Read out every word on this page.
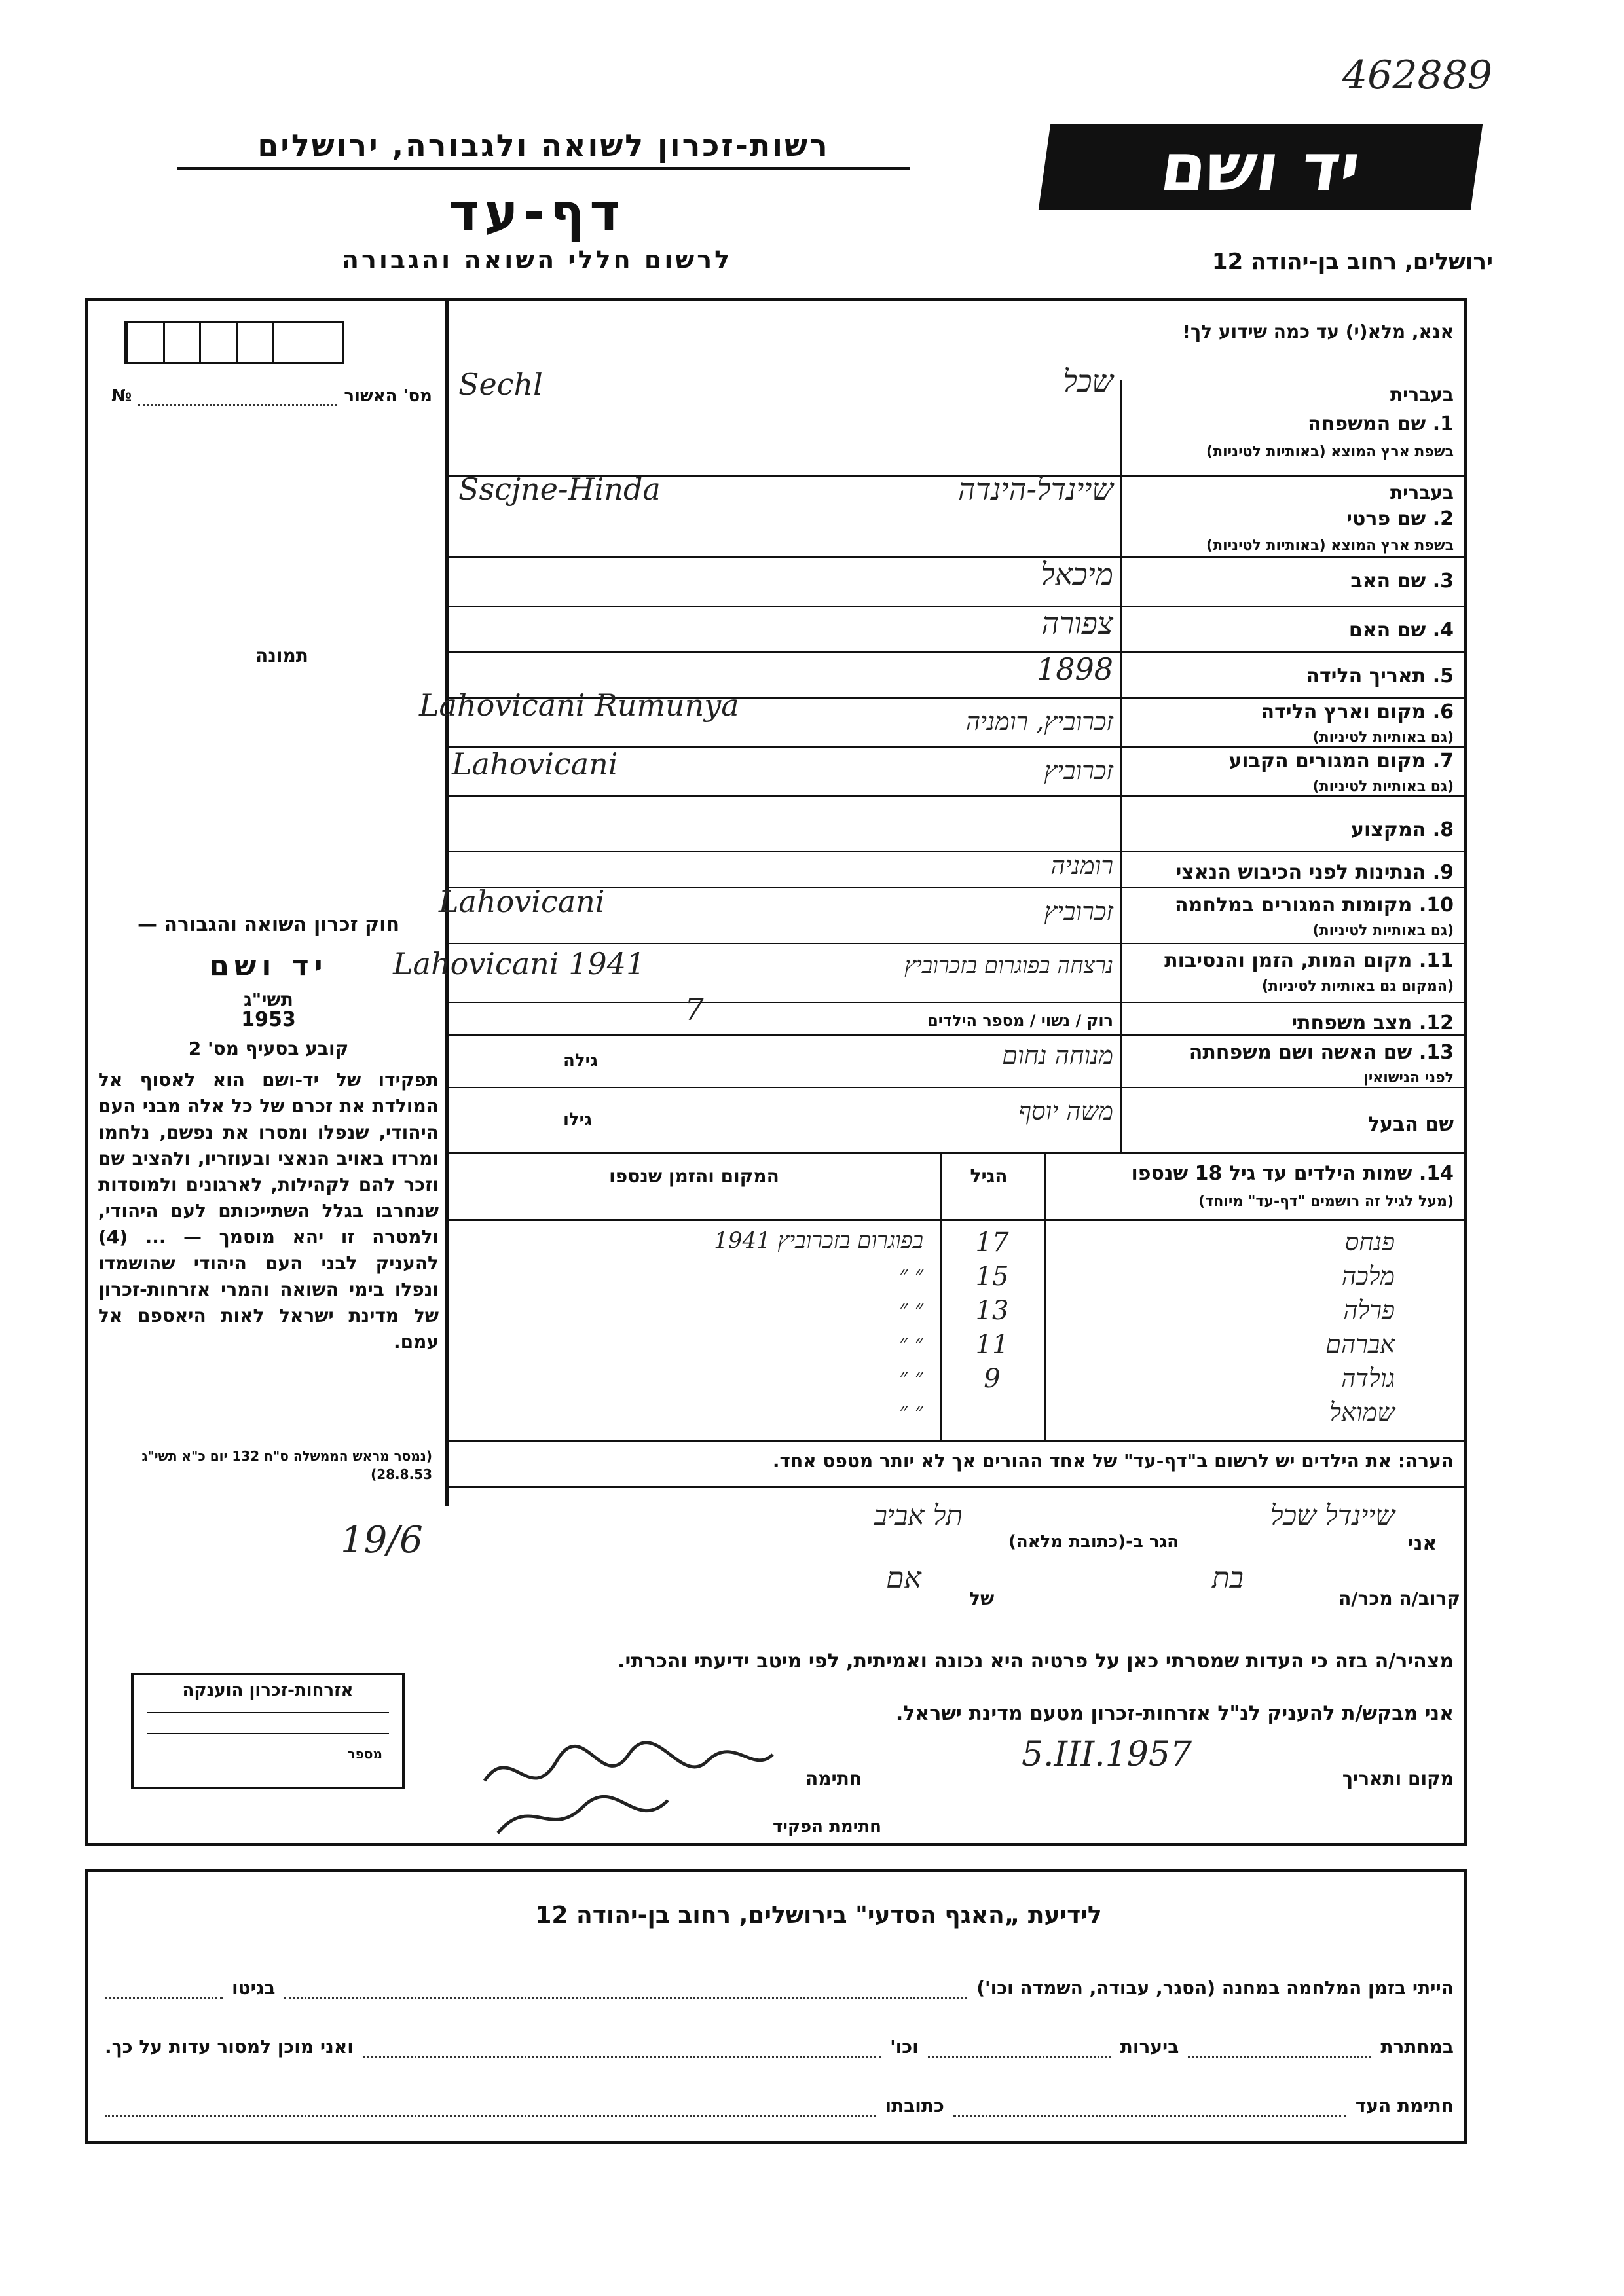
462889
יד ושם
רשות-זכרון לשואה ולגבורה, ירושלים
דף-עד
לרשום חללי השואה והגבורה	ירושלים, רחוב בן-יהודה 12
מס' האשור
№
תמונה
חוק זכרון השואה והגבורה —
יד ושם
תשי"ג
1953
קובע בסעיף מס' 2
תפקידו של יד-ושם הוא לאסוף אל המולדת את זכרם של כל אלה מבני העם היהודי, שנפלו ומסרו את נפשם, נלחמו ומרדו באויב הנאצי ובעוזריו, ולהציב שם וזכר להם לקהילות, לארגונים ולמוסדות שנחרבו בגלל השתייכותם לעם היהודי, ולמטרה זו יהא מוסמך — ... (4) להעניק לבני העם היהודי שהושמדו ונפלו בימי השואה והמרי אזרחות-זכרון של מדינת ישראל לאות היאספם אל עמם.
(נמסר מראש הממשלה ס"ח 132 יום כ"א תשי"ג 28.8.53)
אזרחות-זכרון הוענקה
מספר
אנא, מלא(י) עד כמה שידוע לך!
בעברית
1. שם המשפחה
בשפת ארץ המוצא (באותיות לטיניות)
שכל
Sechl
בעברית
2. שם פרטי
בשפת ארץ המוצא (באותיות לטיניות)
שיינדל-הינדה
Sscjne-Hinda
3. שם האב
מיכאל
4. שם האם
צפורה
5. תאריך הלידה
1898
6. מקום וארץ הלידה
(גם באותיות לטיניות)
זכרוביץ, רומניה
Lahovicani Rumunya
7. מקום המגורים הקבוע
(גם באותיות לטיניות)
זכרוביץ
Lahovicani
8. המקצוע
9. הנתינות לפני הכיבוש הנאצי
רומניה
10. מקומות המגורים במלחמה
(גם באותיות לטיניות)
זכרוביץ
Lahovicani
11. מקום המות, הזמן והנסיבות
(המקום גם באותיות לטיניות)
נרצחה בפוגרום בזכרוביץ
Lahovicani 1941
12. מצב משפחתי
רוק / נשוי / מספר הילדים
7
13. שם האשה ושם משפחתה
לפני הנישואין
מנוחה נחום
גילה
שם הבעל
משה יוסף
גילו
14. שמות הילדים עד גיל 18 שנספו
(מעל לגיל זה רושמים "דף-עד" מיוחד)
הגיל
המקום והזמן שנספו
פנחס
17
בפוגרום בזכרוביץ 1941
מלכה
15
״ ״
פרלה
13
״ ״
אברהם
11
״ ״
גולדה
9
״ ״
שמואל
״ ״
הערה: את הילדים יש לרשום ב"דף-עד" של אחד ההורים אך לא יותר מטפס אחד.
אני
שיינדל שכל
הגר ב-(כתובת מלאה)
תל אביב
19/6
קרוב/ה מכר/ה
בת
של
אם
מצהיר/ה בזה כי העדות שמסרתי כאן על פרטיה היא נכונה ואמיתית, לפי מיטב ידיעתי והכרתי.
אני מבקש/ת להעניק לנ"ל אזרחות-זכרון מטעם מדינת ישראל.
מקום ותאריך
5.III.1957
חתימה
חתימת הפקיד
לידיעת „האגף הסדעי" בירושלים, רחוב בן-יהודה 12
הייתי בזמן המלחמה במחנה (הסגר, עבודה, השמדה וכו')
בגיטו
במחתרת
ביערות
וכו'
ואני מוכן למסור עדות על כך.
חתימת העד
כתובתו
